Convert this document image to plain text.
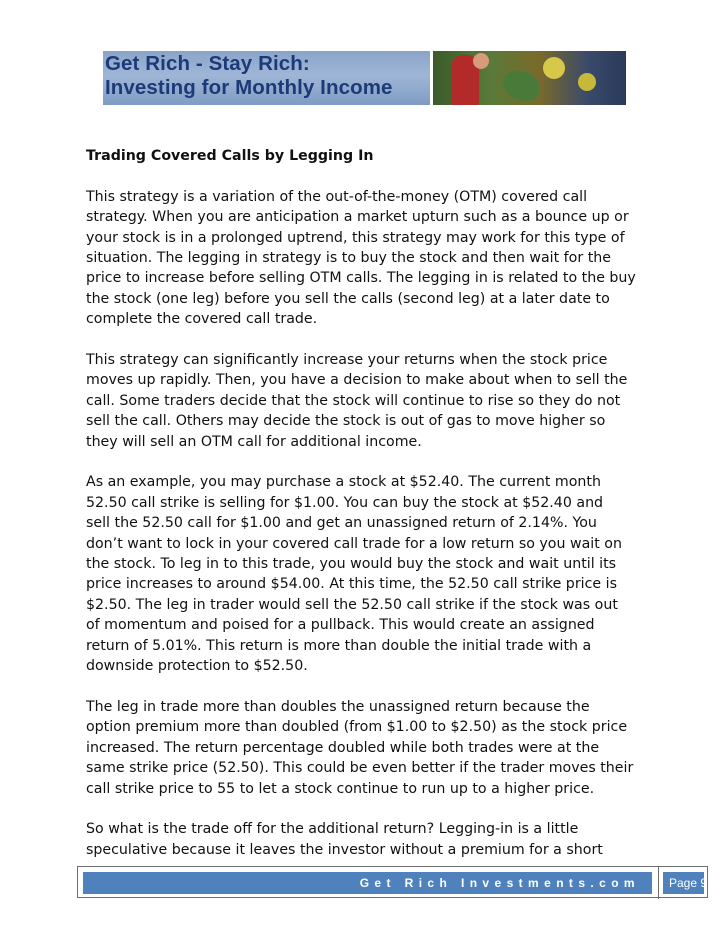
Get Rich - Stay Rich:
Investing for Monthly Income
Trading Covered Calls by Legging In
This strategy is a variation of the out-of-the-money (OTM) covered call
strategy. When you are anticipation a market upturn such as a bounce up or
your stock is in a prolonged uptrend, this strategy may work for this type of
situation. The legging in strategy is to buy the stock and then wait for the
price to increase before selling OTM calls. The legging in is related to the buy
the stock (one leg) before you sell the calls (second leg) at a later date to
complete the covered call trade.
This strategy can significantly increase your returns when the stock price
moves up rapidly. Then, you have a decision to make about when to sell the
call. Some traders decide that the stock will continue to rise so they do not
sell the call. Others may decide the stock is out of gas to move higher so
they will sell an OTM call for additional income.
As an example, you may purchase a stock at $52.40. The current month
52.50 call strike is selling for $1.00. You can buy the stock at $52.40 and
sell the 52.50 call for $1.00 and get an unassigned return of 2.14%. You
don’t want to lock in your covered call trade for a low return so you wait on
the stock. To leg in to this trade, you would buy the stock and wait until its
price increases to around $54.00. At this time, the 52.50 call strike price is
$2.50. The leg in trader would sell the 52.50 call strike if the stock was out
of momentum and poised for a pullback. This would create an assigned
return of 5.01%. This return is more than double the initial trade with a
downside protection to $52.50.
The leg in trade more than doubles the unassigned return because the
option premium more than doubled (from $1.00 to $2.50) as the stock price
increased. The return percentage doubled while both trades were at the
same strike price (52.50). This could be even better if the trader moves their
call strike price to 55 to let a stock continue to run up to a higher price.
So what is the trade off for the additional return? Legging-in is a little
speculative because it leaves the investor without a premium for a short
Get Rich Investments.com	Page 9
